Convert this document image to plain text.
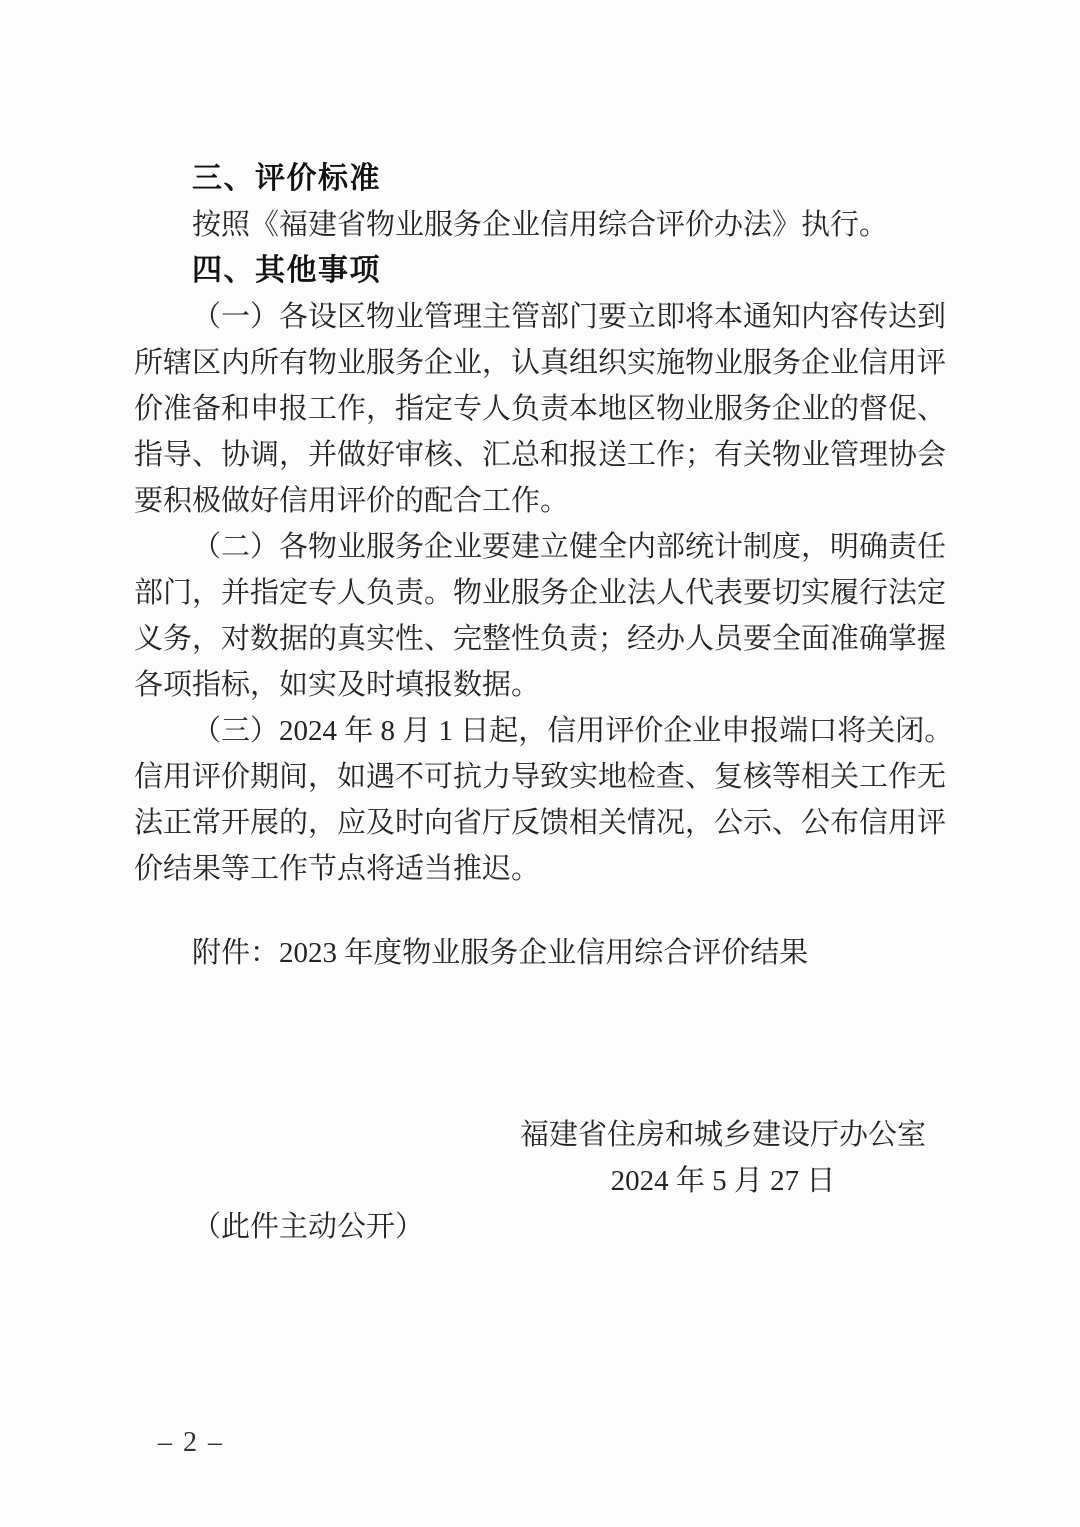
三、评价标准
按照《福建省物业服务企业信用综合评价办法》执行。
四、其他事项
（一）各设区物业管理主管部门要立即将本通知内容传达到
所辖区内所有物业服务企业，认真组织实施物业服务企业信用评
价准备和申报工作，指定专人负责本地区物业服务企业的督促、
指导、协调，并做好审核、汇总和报送工作；有关物业管理协会
要积极做好信用评价的配合工作。
（二）各物业服务企业要建立健全内部统计制度，明确责任
部门，并指定专人负责。物业服务企业法人代表要切实履行法定
义务，对数据的真实性、完整性负责；经办人员要全面准确掌握
各项指标，如实及时填报数据。
（三）2024 年 8 月 1 日起，信用评价企业申报端口将关闭。
信用评价期间，如遇不可抗力导致实地检查、复核等相关工作无
法正常开展的，应及时向省厅反馈相关情况，公示、公布信用评
价结果等工作节点将适当推迟。
附件：2023 年度物业服务企业信用综合评价结果
福建省住房和城乡建设厅办公室
2024 年 5 月 27 日
（此件主动公开）
– 2 –
